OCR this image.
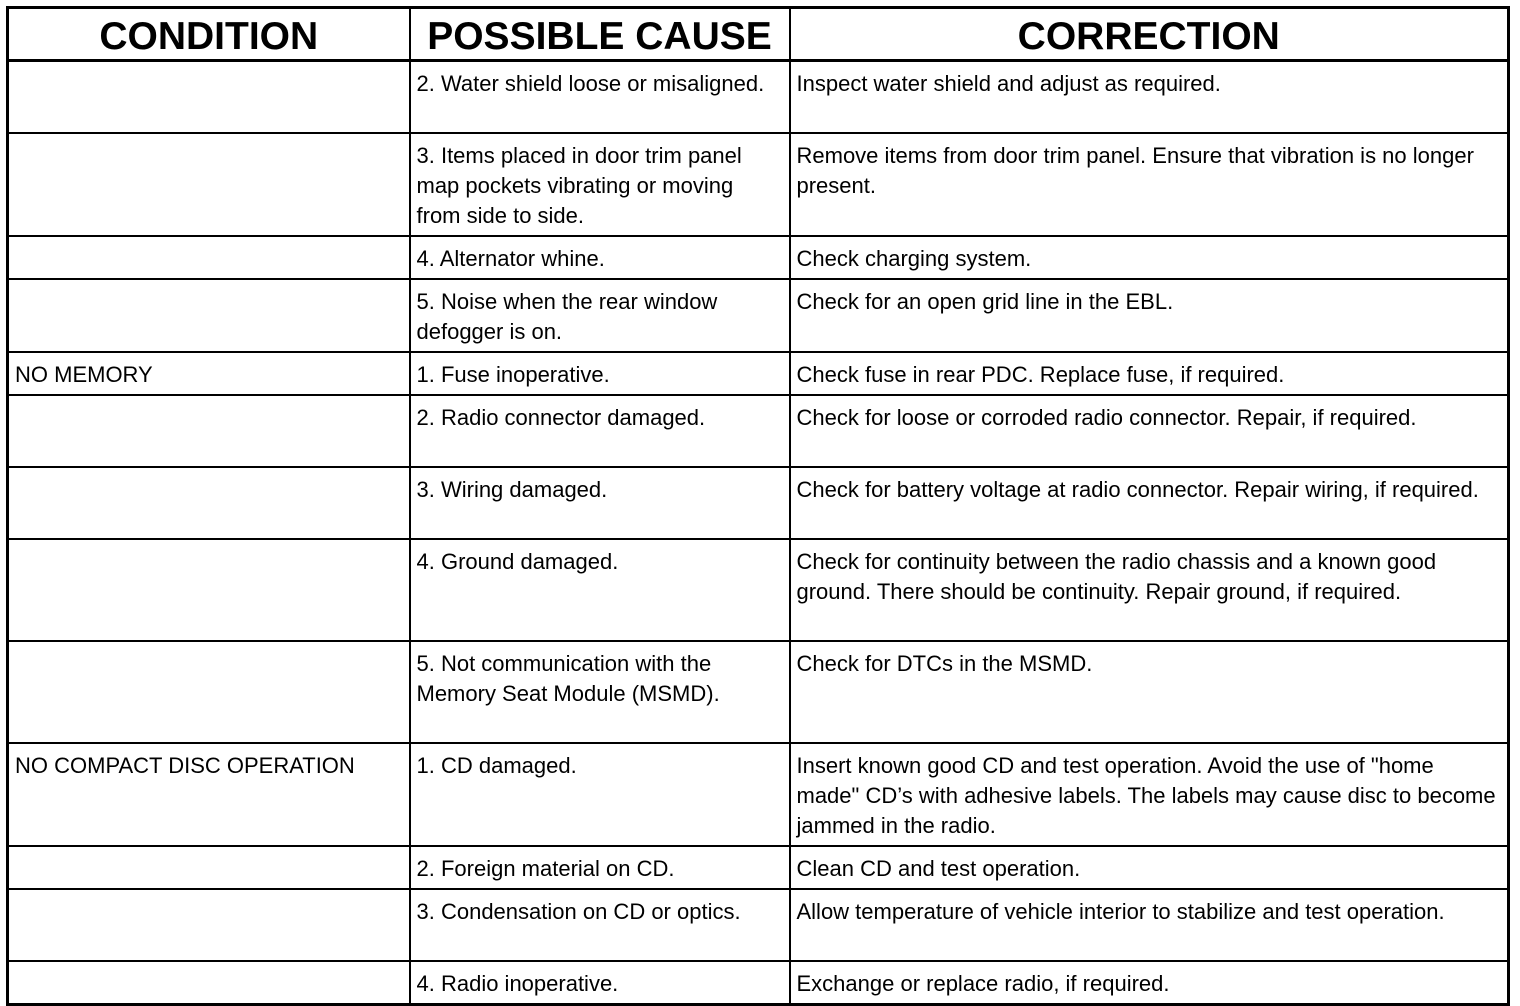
CONDITION	POSSIBLE CAUSE	CORRECTION
	2. Water shield loose or misaligned.	Inspect water shield and adjust as required.
	3. Items placed in door trim panel map pockets vibrating or moving from side to side.	Remove items from door trim panel. Ensure that vibration is no longer present.
	4. Alternator whine.	Check charging system.
	5. Noise when the rear window defogger is on.	Check for an open grid line in the EBL.
NO MEMORY	1. Fuse inoperative.	Check fuse in rear PDC. Replace fuse, if required.
	2. Radio connector damaged.	Check for loose or corroded radio connector. Repair, if required.
	3. Wiring damaged.	Check for battery voltage at radio connector. Repair wiring, if required.
	4. Ground damaged.	Check for continuity between the radio chassis and a known good ground. There should be continuity. Repair ground, if required.
	5. Not communication with the Memory Seat Module (MSMD).	Check for DTCs in the MSMD.
NO COMPACT DISC OPERATION	1. CD damaged.	Insert known good CD and test operation. Avoid the use of "home made" CD’s with adhesive labels. The labels may cause disc to become jammed in the radio.
	2. Foreign material on CD.	Clean CD and test operation.
	3. Condensation on CD or optics.	Allow temperature of vehicle interior to stabilize and test operation.
	4. Radio inoperative.	Exchange or replace radio, if required.
